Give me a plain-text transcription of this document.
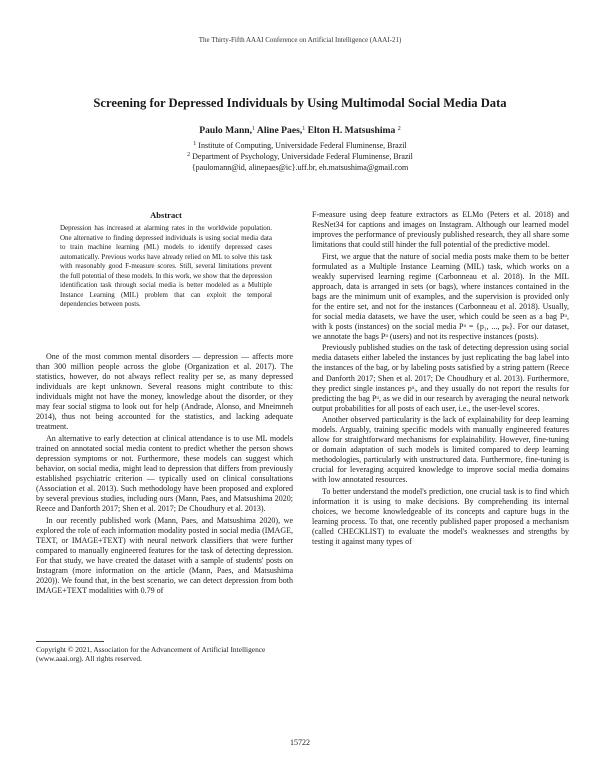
The Thirty-Fifth AAAI Conference on Artificial Intelligence (AAAI-21)
Screening for Depressed Individuals by Using Multimodal Social Media Data
Paulo Mann,$^1$ Aline Paes,$^1$ Elton H. Matsushima $^2$
$^1$ Institute of Computing, Universidade Federal Fluminense, Brazil
$^2$ Department of Psychology, Universidade Federal Fluminense, Brazil
{paulomann@id, alinepaes@ic}.uff.br, eh.matsushima@gmail.com
Abstract
Depression has increased at alarming rates in the worldwide population. One alternative to finding depressed individuals is using social media data to train machine learning (ML) models to identify depressed cases automatically. Previous works have already relied on ML to solve this task with reasonably good F-measure scores. Still, several limitations prevent the full potential of these models. In this work, we show that the depression identification task through social media is better modeled as a Multiple Instance Learning (MIL) problem that can exploit the temporal dependencies between posts.

One of the most common mental disorders — depression — affects more than 300 million people across the globe (Organization et al. 2017). The statistics, however, do not always reflect reality per se, as many depressed individuals are kept unknown. Several reasons might contribute to this: individuals might not have the money, knowledge about the disorder, or they may fear social stigma to look out for help (Andrade, Alonso, and Mneimneh 2014), thus not being accounted for the statistics, and lacking adequate treatment.

An alternative to early detection at clinical attendance is to use ML models trained on annotated social media content to predict whether the person shows depression symptoms or not. Furthermore, these models can suggest which behavior, on social media, might lead to depression that differs from previously established psychiatric criterion — typically used on clinical consultations (Association et al. 2013). Such methodology have been proposed and explored by several previous studies, including ours (Mann, Paes, and Matsushima 2020; Reece and Danforth 2017; Shen et al. 2017; De Choudhury et al. 2013).

In our recently published work (Mann, Paes, and Matsushima 2020), we explored the role of each information modality posted in social media (IMAGE, TEXT, or IMAGE+TEXT) with neural network classifiers that were further compared to manually engineered features for the task of detecting depression. For that study, we have created the dataset with a sample of students' posts on Instagram (more information on the article (Mann, Paes, and Matsushima 2020)). We found that, in the best scenario, we can detect depression from both IMAGE+TEXT modalities with 0.79 of

Copyright © 2021, Association for the Advancement of Artificial Intelligence (www.aaai.org). All rights reserved.

F-measure using deep feature extractors as ELMo (Peters et al. 2018) and ResNet34 for captions and images on Instagram. Although our learned model improves the performance of previously published research, they all share some limitations that could still hinder the full potential of the predictive model.

First, we argue that the nature of social media posts make them to be better formulated as a Multiple Instance Learning (MIL) task, which works on a weakly supervised learning regime (Carbonneau et al. 2018). In the MIL approach, data is arranged in sets (or bags), where instances contained in the bags are the minimum unit of examples, and the supervision is provided only for the entire set, and not for the instances (Carbonneau et al. 2018). Usually, for social media datasets, we have the user, which could be seen as a bag Pᵘ, with k posts (instances) on the social media Pᵘ = {p₁, ..., pₖ}. For our dataset, we annotate the bags Pᵘ (users) and not its respective instances (posts).

Previously published studies on the task of detecting depression using social media datasets either labeled the instances by just replicating the bag label into the instances of the bag, or by labeling posts satisfied by a string pattern (Reece and Danforth 2017; Shen et al. 2017; De Choudhury et al. 2013). Furthermore, they predict single instances pᵘᵢ, and they usually do not report the results for predicting the bag Pᵘ, as we did in our research by averaging the neural network output probabilities for all posts of each user, i.e., the user-level scores.

Another observed particularity is the lack of explainability for deep learning models. Arguably, training specific models with manually engineered features allow for straightforward mechanisms for explainability. However, fine-tuning or domain adaptation of such models is limited compared to deep learning methodologies, particularly with unstructured data. Furthermore, fine-tuning is crucial for leveraging acquired knowledge to improve social media domains with low annotated resources.

To better understand the model's prediction, one crucial task is to find which information it is using to make decisions. By comprehending its internal choices, we become knowledgeable of its concepts and capture bugs in the learning process. To that, one recently published paper proposed a mechanism (called CHECKLIST) to evaluate the model's weaknesses and strengths by testing it against many types of

15722
